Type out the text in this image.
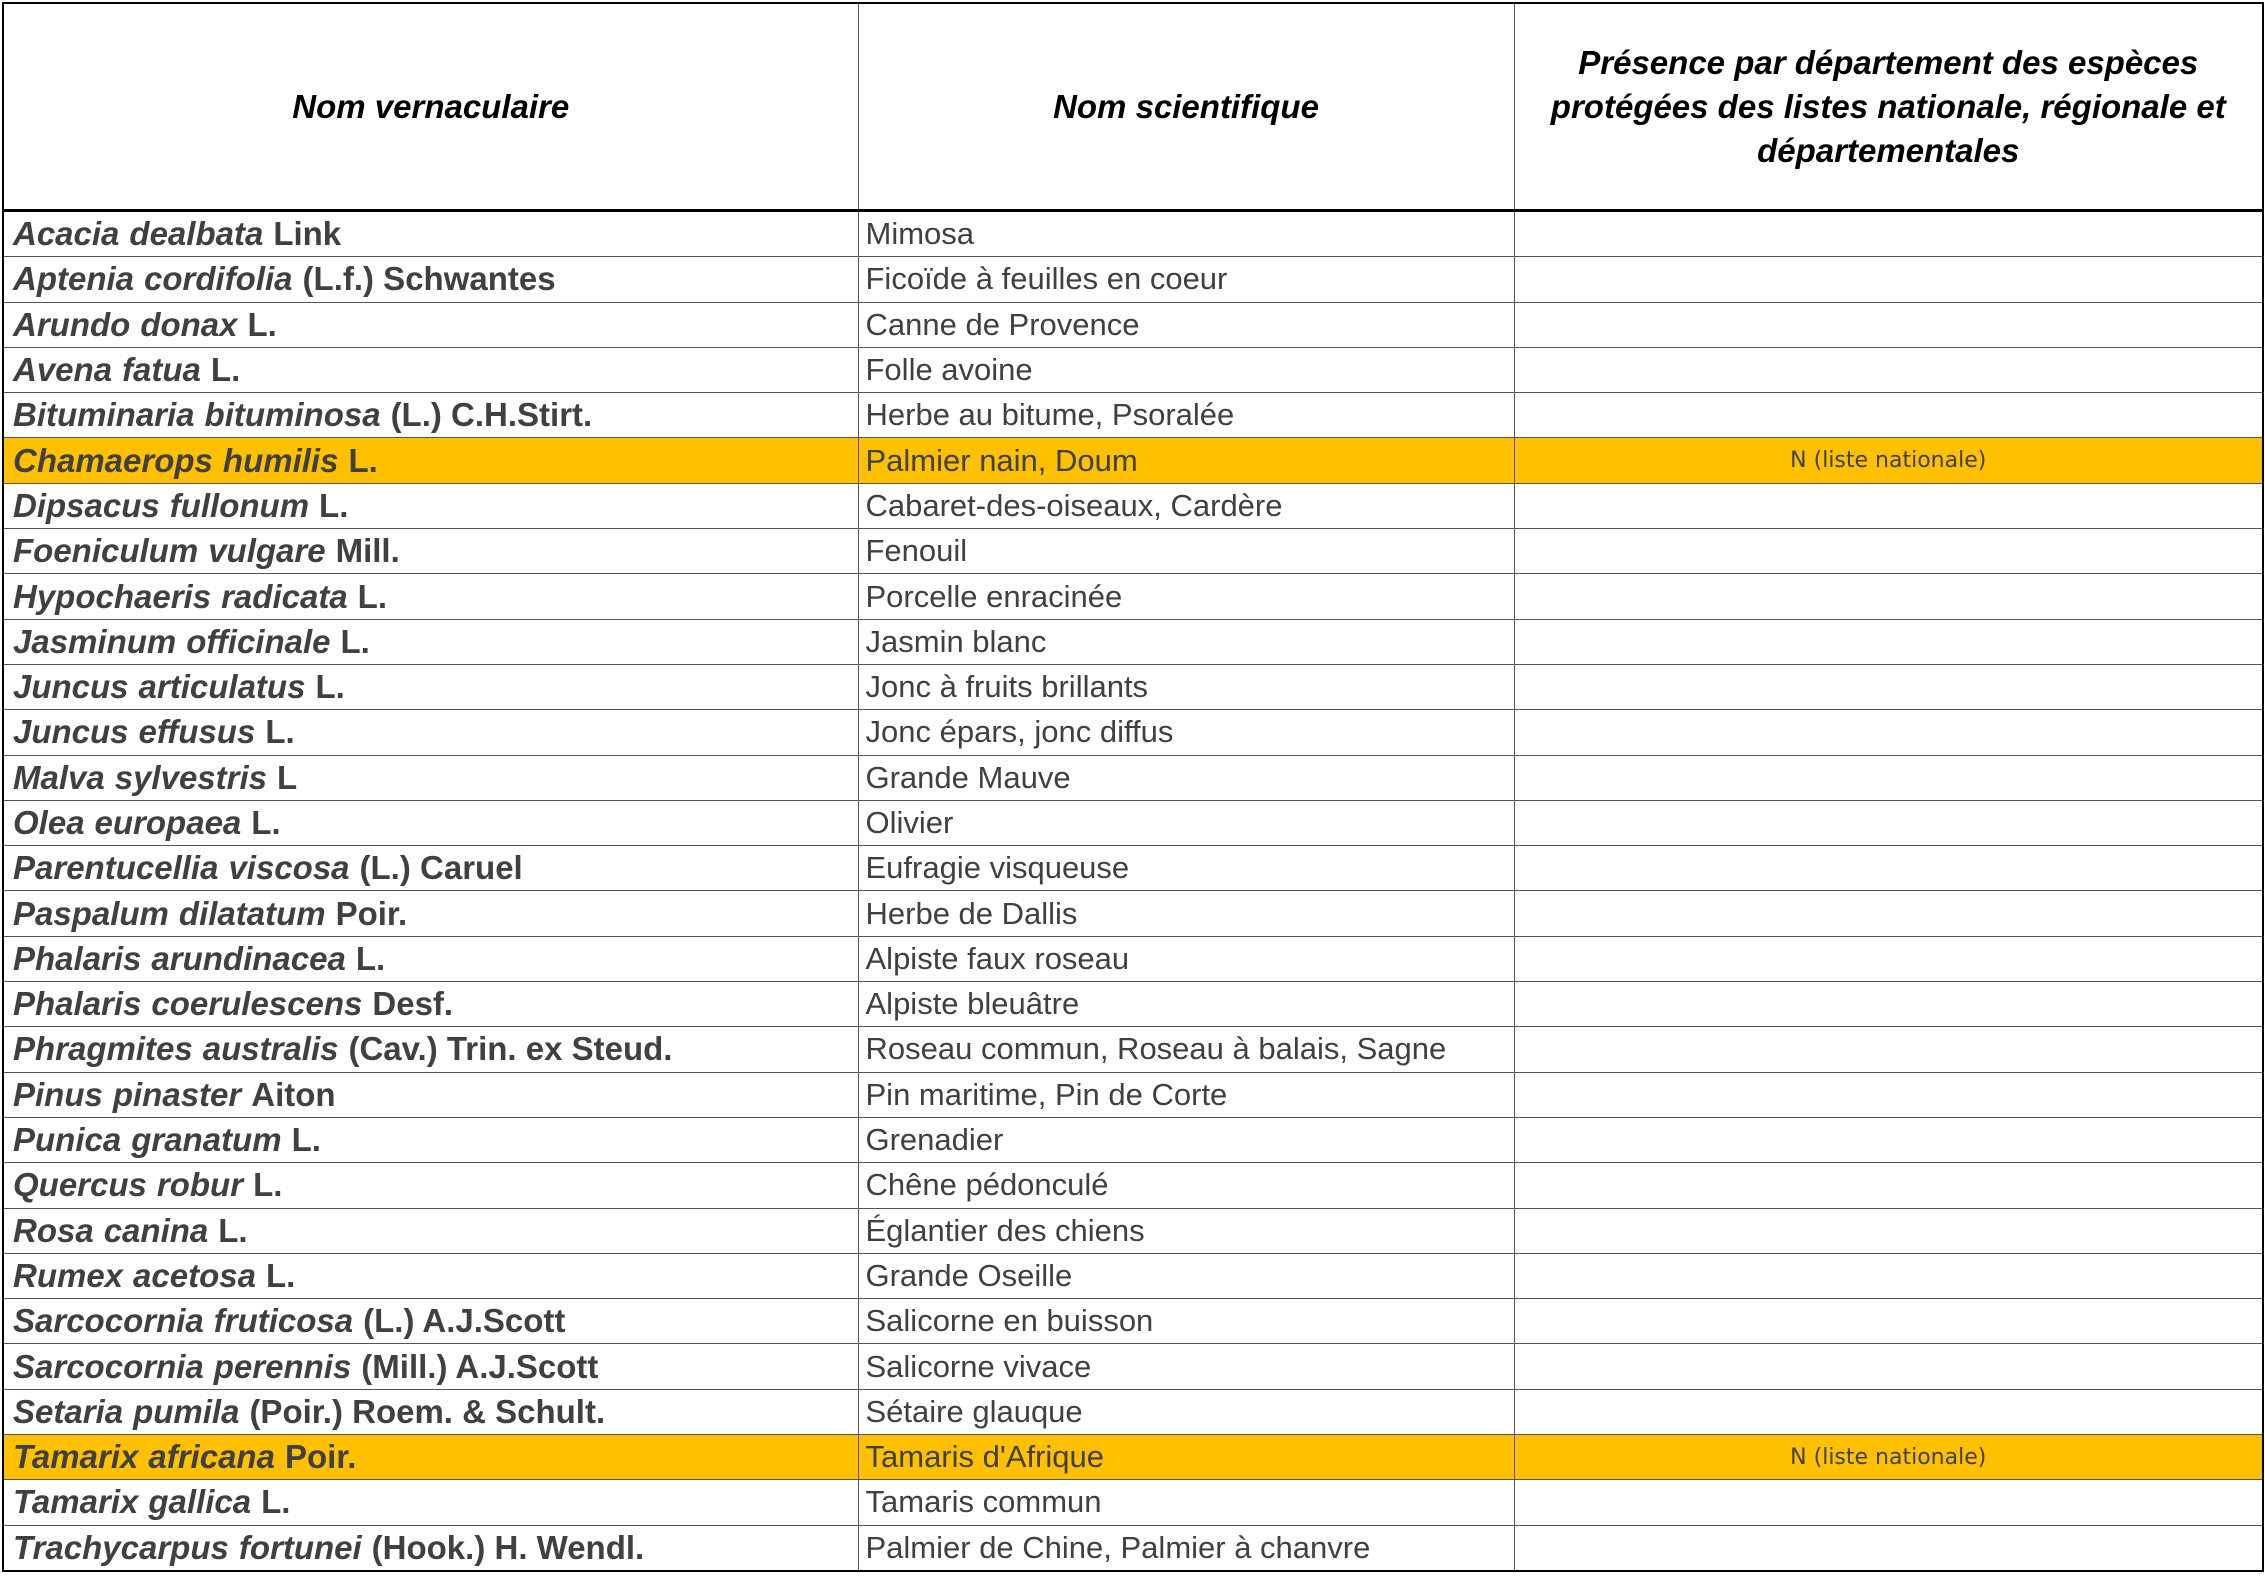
Nom vernaculaire	Nom scientifique	Présence par département des espèces protégées des listes nationale, régionale et départementales
Acacia dealbata Link	Mimosa	
Aptenia cordifolia (L.f.) Schwantes	Ficoïde à feuilles en coeur	
Arundo donax L.	Canne de Provence	
Avena fatua L.	Folle avoine	
Bituminaria bituminosa (L.) C.H.Stirt.	Herbe au bitume, Psoralée	
Chamaerops humilis L.	Palmier nain, Doum	N (liste nationale)
Dipsacus fullonum L.	Cabaret-des-oiseaux, Cardère	
Foeniculum vulgare Mill.	Fenouil	
Hypochaeris radicata L.	Porcelle enracinée	
Jasminum officinale L.	Jasmin blanc	
Juncus articulatus L.	Jonc à fruits brillants	
Juncus effusus L.	Jonc épars, jonc diffus	
Malva sylvestris L	Grande Mauve	
Olea europaea L.	Olivier	
Parentucellia viscosa (L.) Caruel	Eufragie visqueuse	
Paspalum dilatatum Poir.	Herbe de Dallis	
Phalaris arundinacea L.	Alpiste faux roseau	
Phalaris coerulescens Desf.	Alpiste bleuâtre	
Phragmites australis (Cav.) Trin. ex Steud.	Roseau commun, Roseau à balais, Sagne	
Pinus pinaster Aiton	Pin maritime, Pin de Corte	
Punica granatum L.	Grenadier	
Quercus robur L.	Chêne pédonculé	
Rosa canina L.	Églantier des chiens	
Rumex acetosa L.	Grande Oseille	
Sarcocornia fruticosa (L.) A.J.Scott	Salicorne en buisson	
Sarcocornia perennis (Mill.) A.J.Scott	Salicorne vivace	
Setaria pumila (Poir.) Roem. & Schult.	Sétaire glauque	
Tamarix africana Poir.	Tamaris d'Afrique	N (liste nationale)
Tamarix gallica L.	Tamaris commun	
Trachycarpus fortunei (Hook.) H. Wendl.	Palmier de Chine, Palmier à chanvre	
